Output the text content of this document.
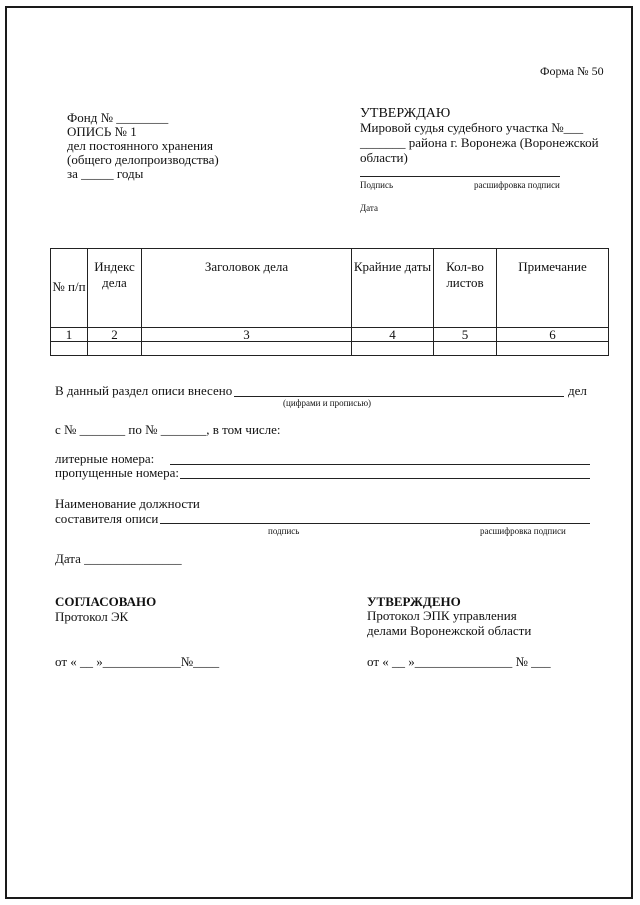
Форма № 50
Фонд № ________
ОПИСЬ № 1
дел постоянного хранения
(общего делопроизводства)
за _____ годы
УТВЕРЖДАЮ
Мировой судья судебного участка №___
_______ района г. Воронежа (Воронежской
области)
Подпись	расшифровка подписи
Дата
№ п/п	Индекс дела	Заголовок дела	Крайние даты	Кол-во листов	Примечание

1	2	3	4	5	6

В данный раздел описи внесено	дел
(цифрами и прописью)
с № _______ по № _______, в том числе:
литерные номера:
пропущенные номера:
Наименование должности
составителя описи
подпись	расшифровка подписи
Дата _______________
СОГЛАСОВАНО
Протокол ЭК
от « __ »____________№____
УТВЕРЖДЕНО
Протокол ЭПК управления
делами Воронежской области
от « __ »_______________ № ___
